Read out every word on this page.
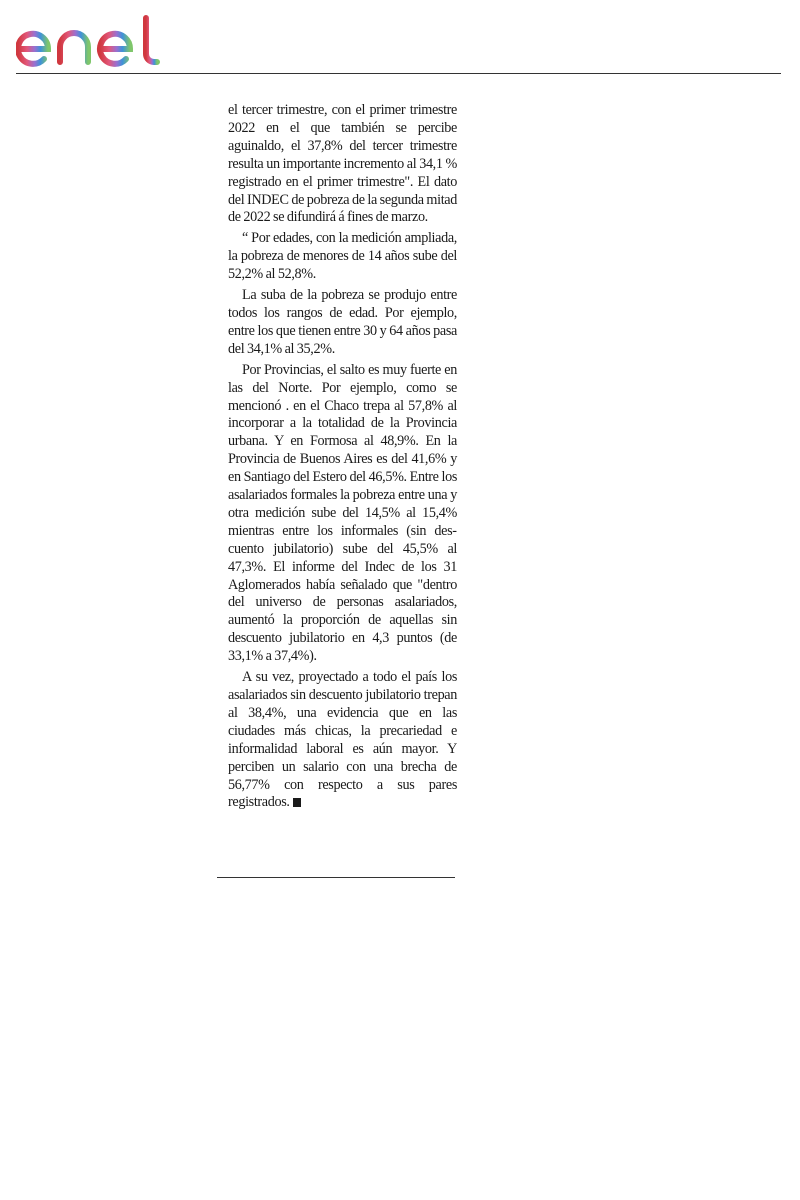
el tercer trimestre, con el primer trimestre 2022 en el que también se percibe aguinaldo, el 37,8% del tercer trimestre resulta un importante incremento al 34,1 % registrado en el primer trimestre". El dato del INDEC de pobreza de la segunda mitad de 2022 se difundirá á fines de marzo.

“ Por edades, con la medición ampliada, la pobreza de menores de 14 años sube del 52,2% al 52,8%.

La suba de la pobreza se produjo entre todos los rangos de edad. Por ejemplo, entre los que tienen entre 30 y 64 años pasa del 34,1% al 35,2%.

Por Provincias, el salto es muy fuerte en las del Norte. Por ejemplo, como se mencionó . en el Chaco trepa al 57,8% al incorporar a la totalidad de la Provincia urbana. Y en Formosa al 48,9%. En la Provincia de Buenos Aires es del 41,6% y en Santiago del Estero del 46,5%. Entre los asalariados formales la pobreza entre una y otra medición sube del 14,5% al 15,4% mientras entre los informales (sin descuento jubilatorio) sube del 45,5% al 47,3%. El informe del Indec de los 31 Aglomerados había señalado que "dentro del universo de personas asalariados, aumentó la proporción de aquellas sin descuento jubilatorio en 4,3 puntos (de 33,1% a 37,4%).

A su vez, proyectado a todo el país los asalariados sin descuento jubilatorio trepan al 38,4%, una evidencia que en las ciudades más chicas, la precariedad e informalidad laboral es aún mayor. Y perciben un salario con una brecha de 56,77% con respecto a sus pares registrados.
